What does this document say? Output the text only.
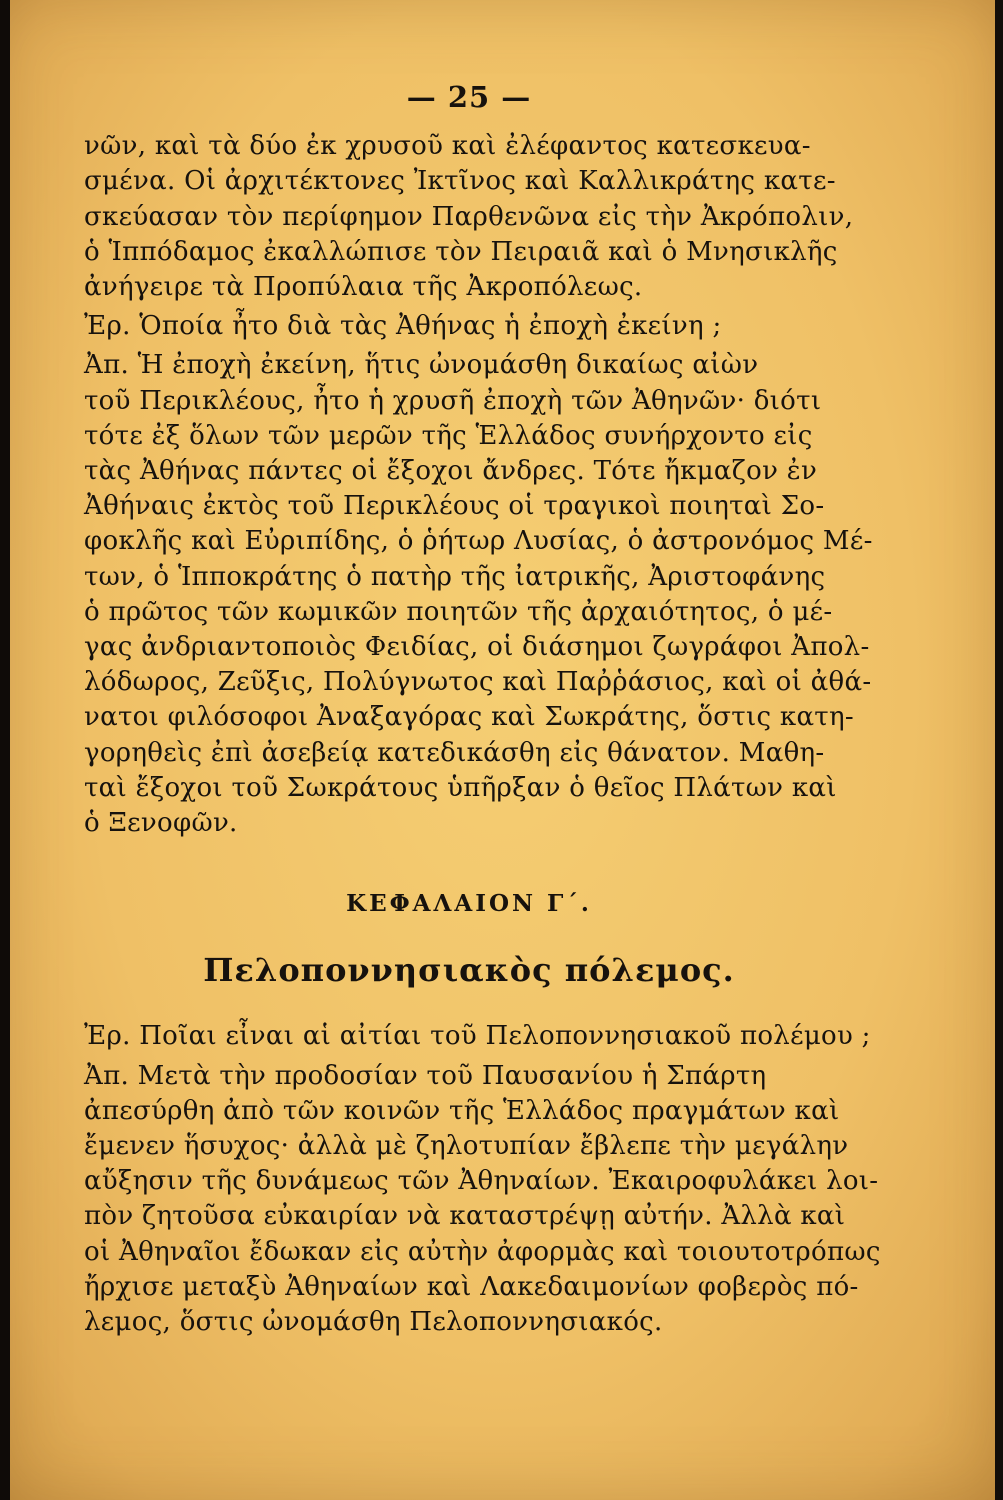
— 25 —

νῶν, καὶ τὰ δύο ἐκ χρυσοῦ καὶ ἐλέφαντος κατεσκευα-
σμένα. Οἱ ἀρχιτέκτονες Ἰκτῖνος καὶ Καλλικράτης κατε-
σκεύασαν τὸν περίφημον Παρθενῶνα εἰς τὴν Ἀκρόπολιν,
ὁ Ἱππόδαμος ἐκαλλώπισε τὸν Πειραιᾶ καὶ ὁ Μνησικλῆς
ἀνήγειρε τὰ Προπύλαια τῆς Ἀκροπόλεως.

Ἐρ. Ὁποία ἦτο διὰ τὰς Ἀθήνας ἡ ἐποχὴ ἐκείνη ;

Ἀπ. Ἡ ἐποχὴ ἐκείνη, ἥτις ὠνομάσθη δικαίως αἰὼν
τοῦ Περικλέους, ἦτο ἡ χρυσῆ ἐποχὴ τῶν Ἀθηνῶν· διότι
τότε ἐξ ὅλων τῶν μερῶν τῆς Ἑλλάδος συνήρχοντο εἰς
τὰς Ἀθήνας πάντες οἱ ἔξοχοι ἄνδρες. Τότε ἤκμαζον ἐν
Ἀθήναις ἐκτὸς τοῦ Περικλέους οἱ τραγικοὶ ποιηταὶ Σο-
φοκλῆς καὶ Εὐριπίδης, ὁ ῥήτωρ Λυσίας, ὁ ἀστρονόμος Μέ-
των, ὁ Ἱπποκράτης ὁ πατὴρ τῆς ἰατρικῆς, Ἀριστοφάνης
ὁ πρῶτος τῶν κωμικῶν ποιητῶν τῆς ἀρχαιότητος, ὁ μέ-
γας ἀνδριαντοποιὸς Φειδίας, οἱ διάσημοι ζωγράφοι Ἀπολ-
λόδωρος, Ζεῦξις, Πολύγνωτος καὶ Παῤῥάσιος, καὶ οἱ ἀθά-
νατοι φιλόσοφοι Ἀναξαγόρας καὶ Σωκράτης, ὅστις κατη-
γορηθεὶς ἐπὶ ἀσεβείᾳ κατεδικάσθη εἰς θάνατον. Μαθη-
ταὶ ἔξοχοι τοῦ Σωκράτους ὑπῆρξαν ὁ θεῖος Πλάτων καὶ
ὁ Ξενοφῶν.

ΚΕΦΑΛΑΙΟΝ Γ΄.
Πελοποννησιακὸς πόλεμος.

Ἐρ. Ποῖαι εἶναι αἱ αἰτίαι τοῦ Πελοποννησιακοῦ πολέμου ;

Ἀπ. Μετὰ τὴν προδοσίαν τοῦ Παυσανίου ἡ Σπάρτη
ἀπεσύρθη ἀπὸ τῶν κοινῶν τῆς Ἑλλάδος πραγμάτων καὶ
ἔμενεν ἥσυχος· ἀλλὰ μὲ ζηλοτυπίαν ἔβλεπε τὴν μεγάλην
αὔξησιν τῆς δυνάμεως τῶν Ἀθηναίων. Ἐκαιροφυλάκει λοι-
πὸν ζητοῦσα εὐκαιρίαν νὰ καταστρέψῃ αὐτήν. Ἀλλὰ καὶ
οἱ Ἀθηναῖοι ἔδωκαν εἰς αὐτὴν ἀφορμὰς καὶ τοιουτοτρόπως
ἤρχισε μεταξὺ Ἀθηναίων καὶ Λακεδαιμονίων φοβερὸς πό-
λεμος, ὅστις ὠνομάσθη Πελοποννησιακός.
